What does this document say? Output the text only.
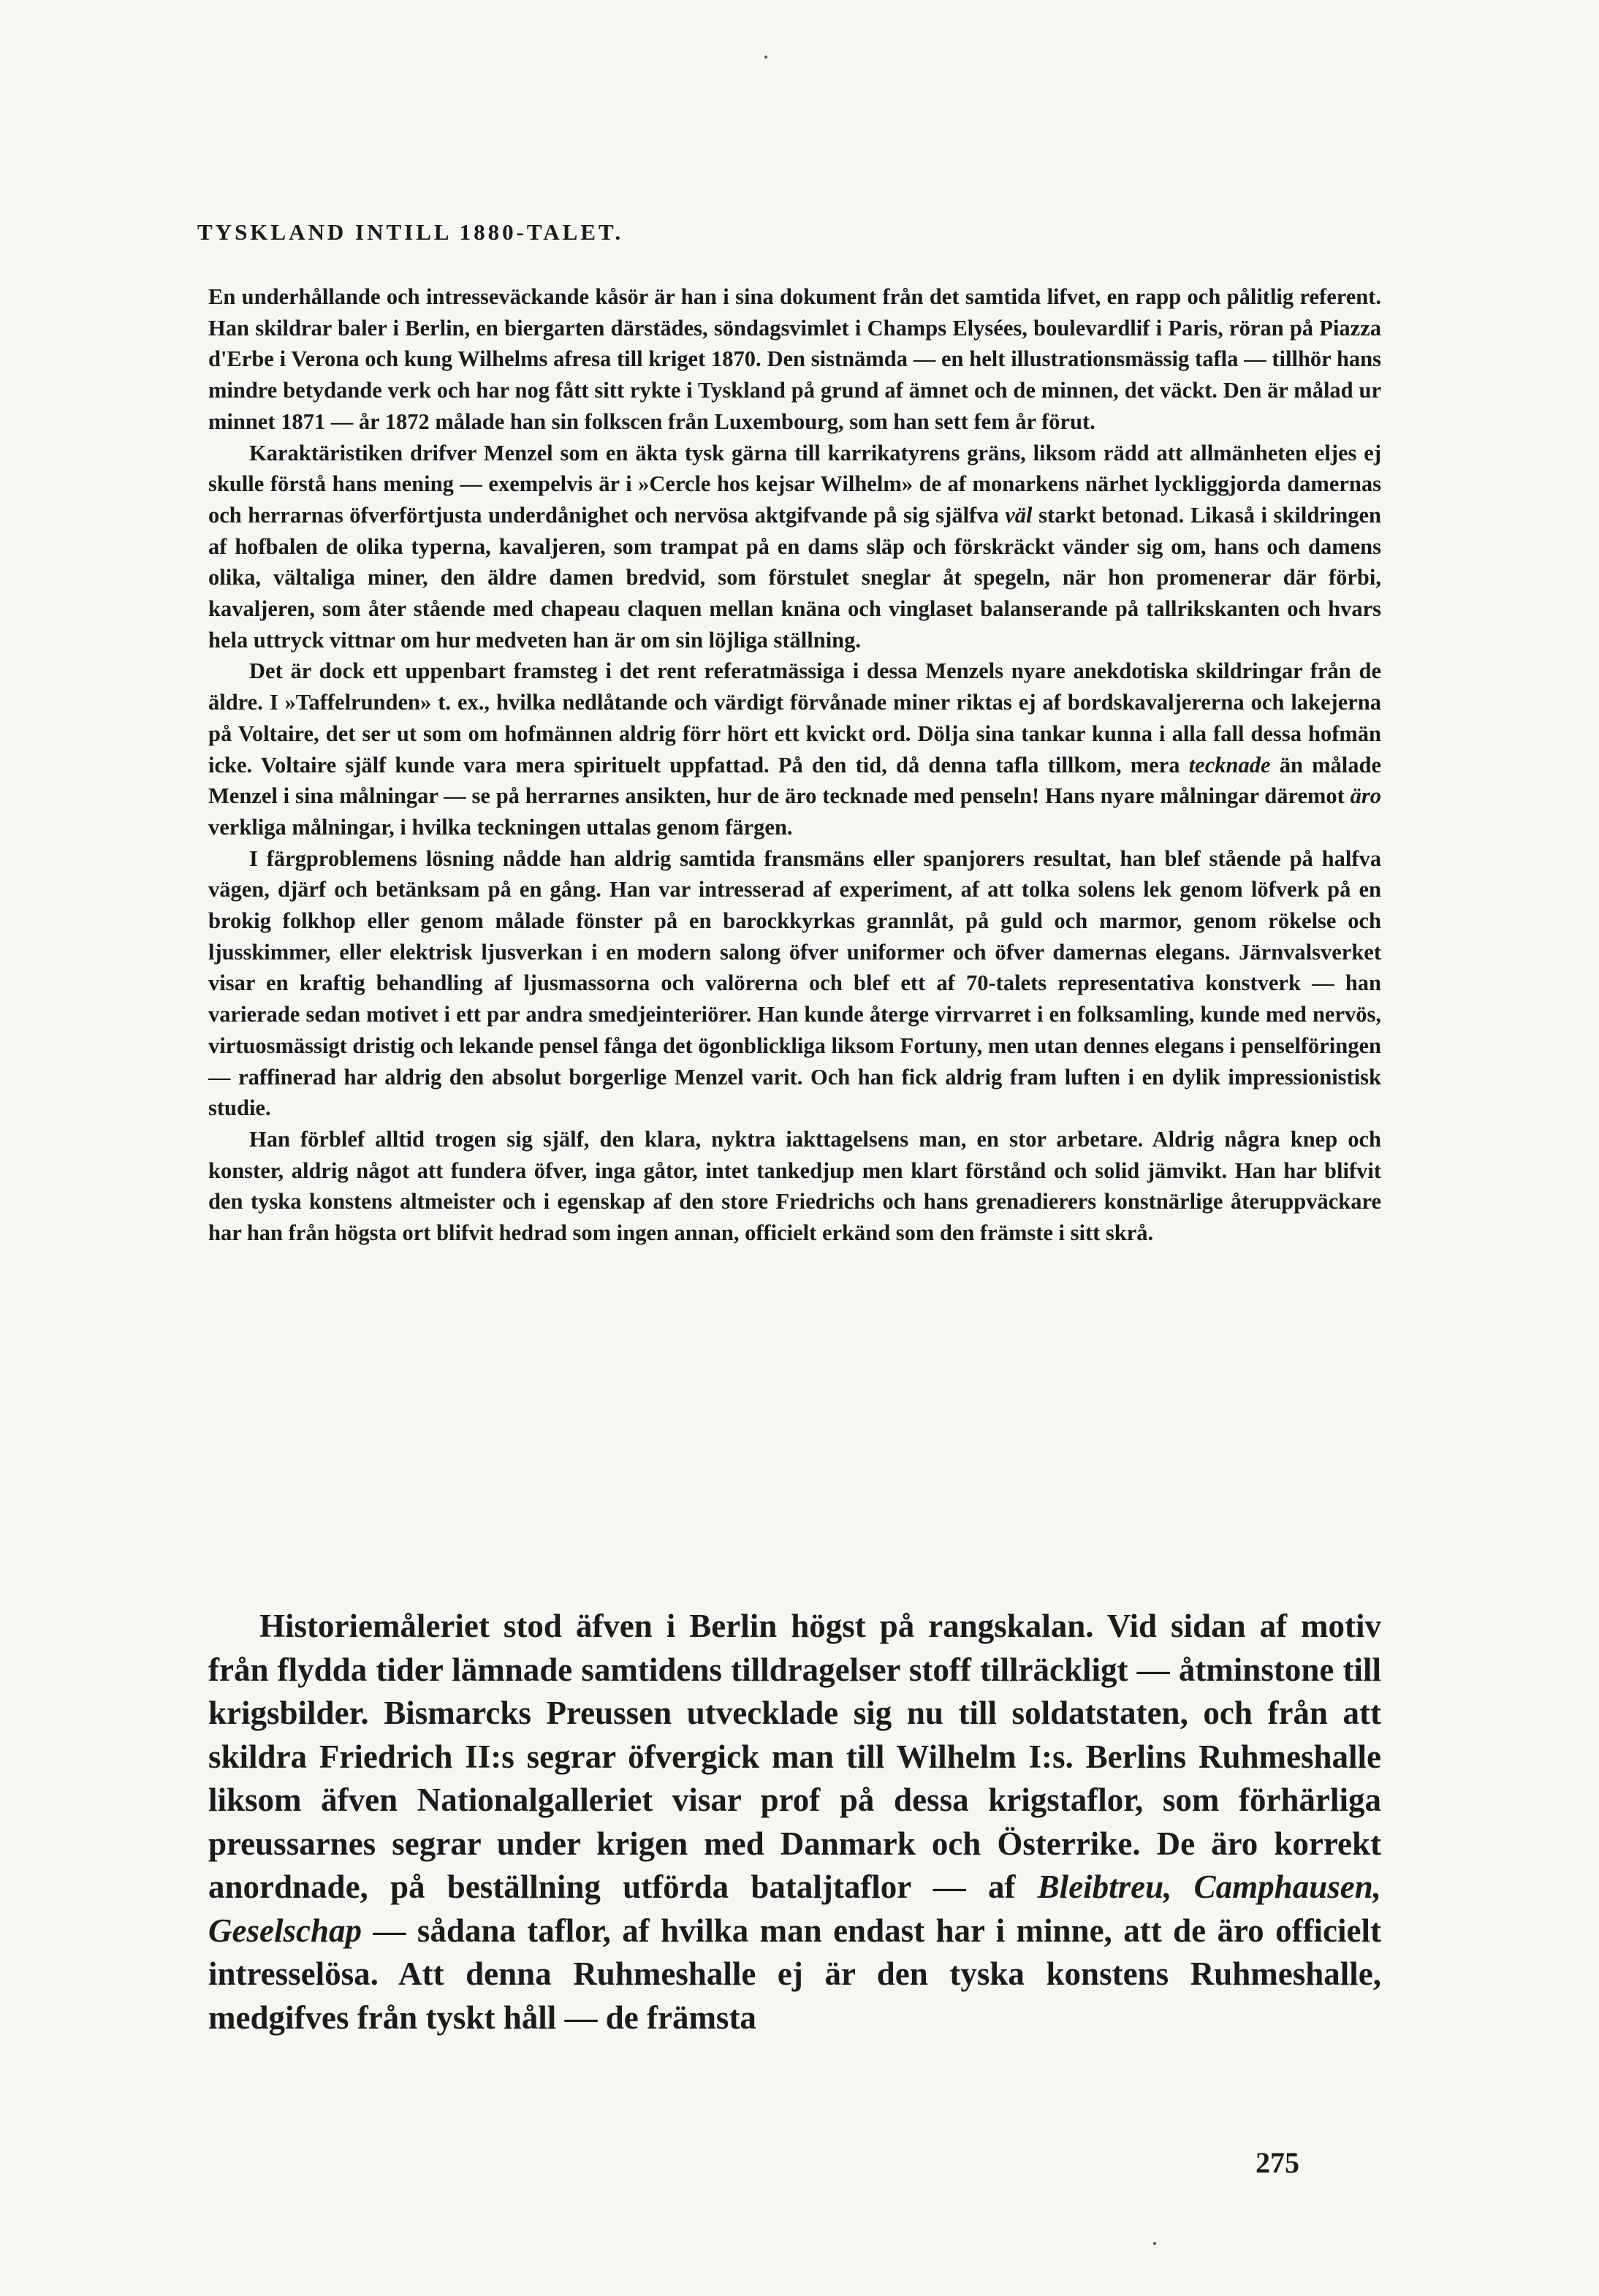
TYSKLAND INTILL 1880-TALET.

En underhållande och intresseväckande kåsör är han i sina dokument från det samtida lifvet, en rapp och pålitlig referent. Han skildrar baler i Berlin, en biergarten därstädes, söndagsvimlet i Champs Elysées, boulevardlif i Paris, röran på Piazza d'Erbe i Verona och kung Wilhelms afresa till kriget 1870. Den sistnämda — en helt illustrationsmässig tafla — tillhör hans mindre betydande verk och har nog fått sitt rykte i Tyskland på grund af ämnet och de minnen, det väckt. Den är målad ur minnet 1871 — år 1872 målade han sin folkscen från Luxembourg, som han sett fem år förut.

Karaktäristiken drifver Menzel som en äkta tysk gärna till karrikatyrens gräns, liksom rädd att allmänheten eljes ej skulle förstå hans mening — exempelvis är i »Cercle hos kejsar Wilhelm» de af monarkens närhet lyckliggjorda damernas och herrarnas öfverförtjusta underdånighet och nervösa aktgifvande på sig själfva väl starkt betonad. Likaså i skildringen af hofbalen de olika typerna, kavaljeren, som trampat på en dams släp och förskräckt vänder sig om, hans och damens olika, vältaliga miner, den äldre damen bredvid, som förstulet sneglar åt spegeln, när hon promenerar där förbi, kavaljeren, som åter stående med chapeau claquen mellan knäna och vinglaset balanserande på tallrikskanten och hvars hela uttryck vittnar om hur medveten han är om sin löjliga ställning.

Det är dock ett uppenbart framsteg i det rent referatmässiga i dessa Menzels nyare anekdotiska skildringar från de äldre. I »Taffelrunden» t. ex., hvilka nedlåtande och värdigt förvånade miner riktas ej af bordskavaljererna och lakejerna på Voltaire, det ser ut som om hofmännen aldrig förr hört ett kvickt ord. Dölja sina tankar kunna i alla fall dessa hofmän icke. Voltaire själf kunde vara mera spirituelt uppfattad. På den tid, då denna tafla tillkom, mera tecknade än målade Menzel i sina målningar — se på herrarnes ansikten, hur de äro tecknade med penseln! Hans nyare målningar däremot äro verkliga målningar, i hvilka teckningen uttalas genom färgen.

I färgproblemens lösning nådde han aldrig samtida fransmäns eller spanjorers resultat, han blef stående på halfva vägen, djärf och betänksam på en gång. Han var intresserad af experiment, af att tolka solens lek genom löfverk på en brokig folkhop eller genom målade fönster på en barockkyrkas grannlåt, på guld och marmor, genom rökelse och ljusskimmer, eller elektrisk ljusverkan i en modern salong öfver uniformer och öfver damernas elegans. Järnvalsverket visar en kraftig behandling af ljusmassorna och valörerna och blef ett af 70-talets representativa konstverk — han varierade sedan motivet i ett par andra smedjeinteriörer. Han kunde återge virrvarret i en folksamling, kunde med nervös, virtuosmässigt dristig och lekande pensel fånga det ögonblickliga liksom Fortuny, men utan dennes elegans i penselföringen — raffinerad har aldrig den absolut borgerlige Menzel varit. Och han fick aldrig fram luften i en dylik impressionistisk studie.

Han förblef alltid trogen sig själf, den klara, nyktra iakttagelsens man, en stor arbetare. Aldrig några knep och konster, aldrig något att fundera öfver, inga gåtor, intet tankedjup men klart förstånd och solid jämvikt. Han har blifvit den tyska konstens altmeister och i egenskap af den store Friedrichs och hans grenadierers konstnärlige återuppväckare har han från högsta ort blifvit hedrad som ingen annan, officielt erkänd som den främste i sitt skrå.

Historiemåleriet stod äfven i Berlin högst på rangskalan. Vid sidan af motiv från flydda tider lämnade samtidens tilldragelser stoff tillräckligt — åtminstone till krigsbilder. Bismarcks Preussen utvecklade sig nu till soldatstaten, och från att skildra Friedrich II:s segrar öfvergick man till Wilhelm I:s. Berlins Ruhmeshalle liksom äfven Nationalgalleriet visar prof på dessa krigstaflor, som förhärliga preussarnes segrar under krigen med Danmark och Österrike. De äro korrekt anordnade, på beställning utförda bataljtaflor — af Bleibtreu, Camphausen, Geselschap — sådana taflor, af hvilka man endast har i minne, att de äro officielt intresselösa. Att denna Ruhmeshalle ej är den tyska konstens Ruhmeshalle, medgifves från tyskt håll — de främsta

275
